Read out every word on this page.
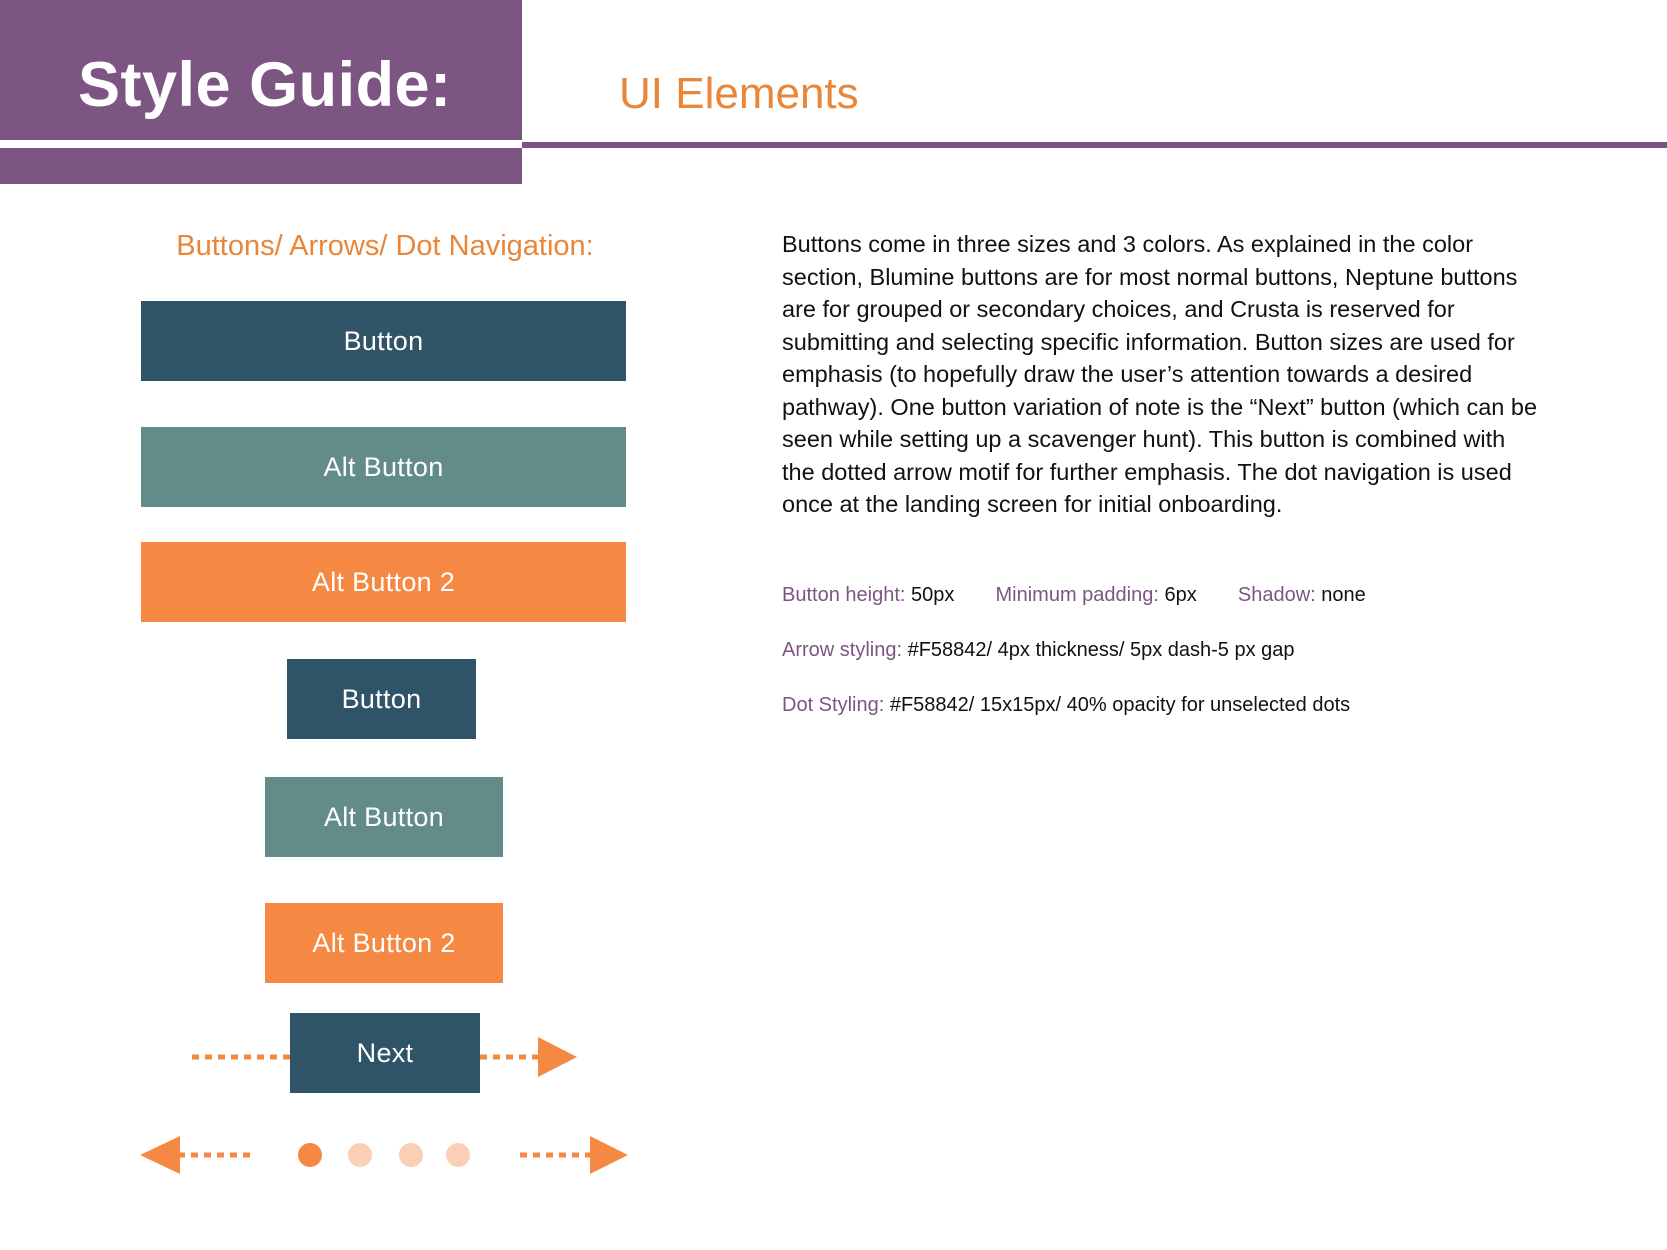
Style Guide:	UI Elements
Buttons/ Arrows/ Dot Navigation:
Button
Alt Button
Alt Button 2
Button
Alt Button
Alt Button 2
Next

Buttons come in three sizes and 3 colors. As explained in the color section, Blumine buttons are for most normal buttons, Neptune buttons are for grouped or secondary choices, and Crusta is reserved for submitting and selecting specific information. Button sizes are used for emphasis (to hopefully draw the user’s attention towards a desired pathway). One button variation of note is the “Next” button (which can be seen while setting up a scavenger hunt). This button is combined with the dotted arrow motif for further emphasis. The dot navigation is used once at the landing screen for initial onboarding.

Button height: 50px Minimum padding: 6px Shadow: none

Arrow styling: #F58842/ 4px thickness/ 5px dash-5 px gap

Dot Styling: #F58842/ 15x15px/ 40% opacity for unselected dots
